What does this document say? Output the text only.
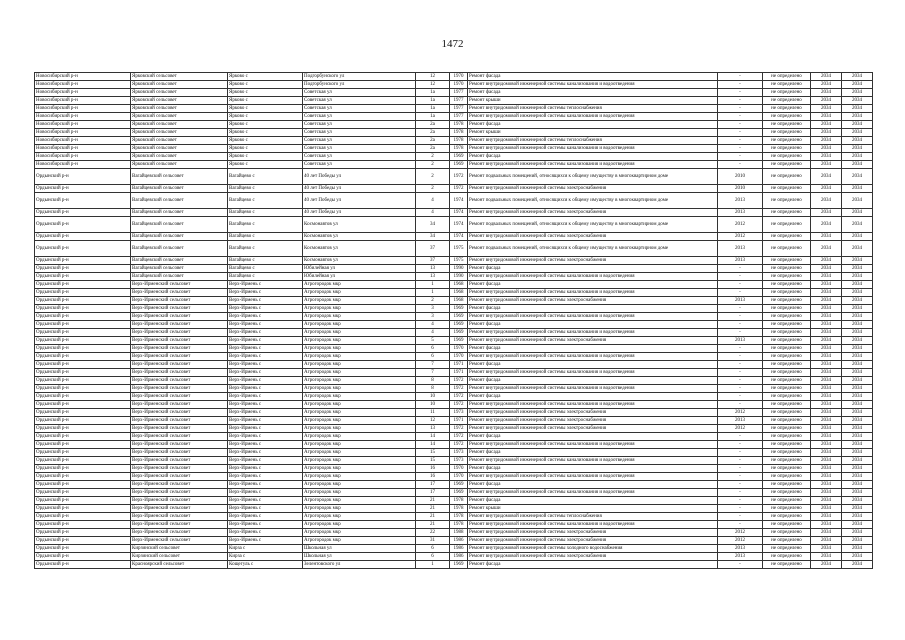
1472
Новосибирский р-н	Ярковский сельсовет	Ярково с	Подгорбунского ул	12	1970	Ремонт фасада	-	не определено	2034	2034
Новосибирский р-н	Ярковский сельсовет	Ярково с	Подгорбунского ул	12	1970	Ремонт внутридомовой инженерной системы канализования и водоотведения	-	не определено	2034	2034
Новосибирский р-н	Ярковский сельсовет	Ярково с	Советская ул	1а	1977	Ремонт фасада	-	не определено	2034	2034
Новосибирский р-н	Ярковский сельсовет	Ярково с	Советская ул	1а	1977	Ремонт крыши	-	не определено	2034	2034
Новосибирский р-н	Ярковский сельсовет	Ярково с	Советская ул	1а	1977	Ремонт внутридомовой инженерной системы теплоснабжения	-	не определено	2034	2034
Новосибирский р-н	Ярковский сельсовет	Ярково с	Советская ул	1а	1977	Ремонт внутридомовой инженерной системы канализования и водоотведения	-	не определено	2034	2034
Новосибирский р-н	Ярковский сельсовет	Ярково с	Советская ул	2а	1978	Ремонт фасада	-	не определено	2034	2034
Новосибирский р-н	Ярковский сельсовет	Ярково с	Советская ул	2а	1978	Ремонт крыши	-	не определено	2034	2034
Новосибирский р-н	Ярковский сельсовет	Ярково с	Советская ул	2а	1978	Ремонт внутридомовой инженерной системы теплоснабжения	-	не определено	2034	2034
Новосибирский р-н	Ярковский сельсовет	Ярково с	Советская ул	2а	1978	Ремонт внутридомовой инженерной системы канализования и водоотведения	-	не определено	2034	2034
Новосибирский р-н	Ярковский сельсовет	Ярково с	Советская ул	2	1969	Ремонт фасада	-	не определено	2034	2034
Новосибирский р-н	Ярковский сельсовет	Ярково с	Советская ул	2	1969	Ремонт внутридомовой инженерной системы канализования и водоотведения	-	не определено	2034	2034
Ордынский р-н	Вагайцевский сельсовет	Вагайцево с	40 лет Победы ул	2	1972	Ремонт подвальных помещений, относящихся к общему имуществу в многоквартирном доме	2010	не определено	2034	2034
Ордынский р-н	Вагайцевский сельсовет	Вагайцево с	40 лет Победы ул	2	1972	Ремонт внутридомовой инженерной системы электроснабжения	2010	не определено	2034	2034
Ордынский р-н	Вагайцевский сельсовет	Вагайцево с	40 лет Победы ул	4	1974	Ремонт подвальных помещений, относящихся к общему имуществу в многоквартирном доме	2013	не определено	2034	2034
Ордынский р-н	Вагайцевский сельсовет	Вагайцево с	40 лет Победы ул	4	1974	Ремонт внутридомовой инженерной системы электроснабжения	2013	не определено	2034	2034
Ордынский р-н	Вагайцевский сельсовет	Вагайцево с	Космонавтов ул	34	1974	Ремонт подвальных помещений, относящихся к общему имуществу в многоквартирном доме	2012	не определено	2034	2034
Ордынский р-н	Вагайцевский сельсовет	Вагайцево с	Космонавтов ул	34	1974	Ремонт внутридомовой инженерной системы электроснабжения	2012	не определено	2034	2034
Ордынский р-н	Вагайцевский сельсовет	Вагайцево с	Космонавтов ул	37	1975	Ремонт подвальных помещений, относящихся к общему имуществу в многоквартирном доме	2013	не определено	2034	2034
Ордынский р-н	Вагайцевский сельсовет	Вагайцево с	Космонавтов ул	37	1975	Ремонт внутридомовой инженерной системы электроснабжения	2013	не определено	2034	2034
Ордынский р-н	Вагайцевский сельсовет	Вагайцево с	Юбилейная ул	13	1990	Ремонт фасада	-	не определено	2034	2034
Ордынский р-н	Вагайцевский сельсовет	Вагайцево с	Юбилейная ул	13	1990	Ремонт внутридомовой инженерной системы канализования и водоотведения	-	не определено	2034	2034
Ордынский р-н	Верх-Ирменский сельсовет	Верх-Ирмень с	Агрогородок мкр	1	1968	Ремонт фасада	-	не определено	2034	2034
Ордынский р-н	Верх-Ирменский сельсовет	Верх-Ирмень с	Агрогородок мкр	1	1968	Ремонт внутридомовой инженерной системы канализования и водоотведения	-	не определено	2034	2034
Ордынский р-н	Верх-Ирменский сельсовет	Верх-Ирмень с	Агрогородок мкр	2	1968	Ремонт внутридомовой инженерной системы электроснабжения	2013	не определено	2034	2034
Ордынский р-н	Верх-Ирменский сельсовет	Верх-Ирмень с	Агрогородок мкр	3	1969	Ремонт фасада	-	не определено	2034	2034
Ордынский р-н	Верх-Ирменский сельсовет	Верх-Ирмень с	Агрогородок мкр	3	1969	Ремонт внутридомовой инженерной системы канализования и водоотведения	-	не определено	2034	2034
Ордынский р-н	Верх-Ирменский сельсовет	Верх-Ирмень с	Агрогородок мкр	4	1969	Ремонт фасада	-	не определено	2034	2034
Ордынский р-н	Верх-Ирменский сельсовет	Верх-Ирмень с	Агрогородок мкр	4	1969	Ремонт внутридомовой инженерной системы канализования и водоотведения	-	не определено	2034	2034
Ордынский р-н	Верх-Ирменский сельсовет	Верх-Ирмень с	Агрогородок мкр	5	1969	Ремонт внутридомовой инженерной системы электроснабжения	2013	не определено	2034	2034
Ордынский р-н	Верх-Ирменский сельсовет	Верх-Ирмень с	Агрогородок мкр	6	1970	Ремонт фасада	-	не определено	2034	2034
Ордынский р-н	Верх-Ирменский сельсовет	Верх-Ирмень с	Агрогородок мкр	6	1970	Ремонт внутридомовой инженерной системы канализования и водоотведения	-	не определено	2034	2034
Ордынский р-н	Верх-Ирменский сельсовет	Верх-Ирмень с	Агрогородок мкр	7	1971	Ремонт фасада	-	не определено	2034	2034
Ордынский р-н	Верх-Ирменский сельсовет	Верх-Ирмень с	Агрогородок мкр	7	1971	Ремонт внутридомовой инженерной системы канализования и водоотведения	-	не определено	2034	2034
Ордынский р-н	Верх-Ирменский сельсовет	Верх-Ирмень с	Агрогородок мкр	8	1972	Ремонт фасада	-	не определено	2034	2034
Ордынский р-н	Верх-Ирменский сельсовет	Верх-Ирмень с	Агрогородок мкр	8	1972	Ремонт внутридомовой инженерной системы канализования и водоотведения	-	не определено	2034	2034
Ордынский р-н	Верх-Ирменский сельсовет	Верх-Ирмень с	Агрогородок мкр	10	1972	Ремонт фасада	-	не определено	2034	2034
Ордынский р-н	Верх-Ирменский сельсовет	Верх-Ирмень с	Агрогородок мкр	10	1972	Ремонт внутридомовой инженерной системы канализования и водоотведения	-	не определено	2034	2034
Ордынский р-н	Верх-Ирменский сельсовет	Верх-Ирмень с	Агрогородок мкр	11	1973	Ремонт внутридомовой инженерной системы электроснабжения	2012	не определено	2034	2034
Ордынский р-н	Верх-Ирменский сельсовет	Верх-Ирмень с	Агрогородок мкр	12	1971	Ремонт внутридомовой инженерной системы электроснабжения	2013	не определено	2034	2034
Ордынский р-н	Верх-Ирменский сельсовет	Верх-Ирмень с	Агрогородок мкр	13	1972	Ремонт внутридомовой инженерной системы электроснабжения	2012	не определено	2034	2034
Ордынский р-н	Верх-Ирменский сельсовет	Верх-Ирмень с	Агрогородок мкр	14	1972	Ремонт фасада	-	не определено	2034	2034
Ордынский р-н	Верх-Ирменский сельсовет	Верх-Ирмень с	Агрогородок мкр	14	1972	Ремонт внутридомовой инженерной системы канализования и водоотведения	-	не определено	2034	2034
Ордынский р-н	Верх-Ирменский сельсовет	Верх-Ирмень с	Агрогородок мкр	15	1973	Ремонт фасада	-	не определено	2034	2034
Ордынский р-н	Верх-Ирменский сельсовет	Верх-Ирмень с	Агрогородок мкр	15	1973	Ремонт внутридомовой инженерной системы канализования и водоотведения	-	не определено	2034	2034
Ордынский р-н	Верх-Ирменский сельсовет	Верх-Ирмень с	Агрогородок мкр	16	1970	Ремонт фасада	-	не определено	2034	2034
Ордынский р-н	Верх-Ирменский сельсовет	Верх-Ирмень с	Агрогородок мкр	16	1970	Ремонт внутридомовой инженерной системы канализования и водоотведения	-	не определено	2034	2034
Ордынский р-н	Верх-Ирменский сельсовет	Верх-Ирмень с	Агрогородок мкр	17	1969	Ремонт фасада	-	не определено	2034	2034
Ордынский р-н	Верх-Ирменский сельсовет	Верх-Ирмень с	Агрогородок мкр	17	1969	Ремонт внутридомовой инженерной системы канализования и водоотведения	-	не определено	2034	2034
Ордынский р-н	Верх-Ирменский сельсовет	Верх-Ирмень с	Агрогородок мкр	21	1978	Ремонт фасада	-	не определено	2034	2034
Ордынский р-н	Верх-Ирменский сельсовет	Верх-Ирмень с	Агрогородок мкр	21	1978	Ремонт крыши	-	не определено	2034	2034
Ордынский р-н	Верх-Ирменский сельсовет	Верх-Ирмень с	Агрогородок мкр	21	1978	Ремонт внутридомовой инженерной системы теплоснабжения	-	не определено	2034	2034
Ордынский р-н	Верх-Ирменский сельсовет	Верх-Ирмень с	Агрогородок мкр	21	1978	Ремонт внутридомовой инженерной системы канализования и водоотведения	-	не определено	2034	2034
Ордынский р-н	Верх-Ирменский сельсовет	Верх-Ирмень с	Агрогородок мкр	22	1988	Ремонт внутридомовой инженерной системы электроснабжения	2012	не определено	2034	2034
Ордынский р-н	Верх-Ирменский сельсовет	Верх-Ирмень с	Агрогородок мкр	31	1986	Ремонт внутридомовой инженерной системы электроснабжения	2012	не определено	2034	2034
Ордынский р-н	Кирзинский сельсовет	Кирза с	Школьная ул	6	1986	Ремонт внутридомовой инженерной системы холодного водоснабжения	2013	не определено	2034	2034
Ордынский р-н	Кирзинский сельсовет	Кирза с	Школьная ул	6	1986	Ремонт внутридомовой инженерной системы электроснабжения	2013	не определено	2034	2034
Ордынский р-н	Красноярский сельсовет	Кощегуль с	Зелентовского ул	1	1969	Ремонт фасада	-	не определено	2034	2034
